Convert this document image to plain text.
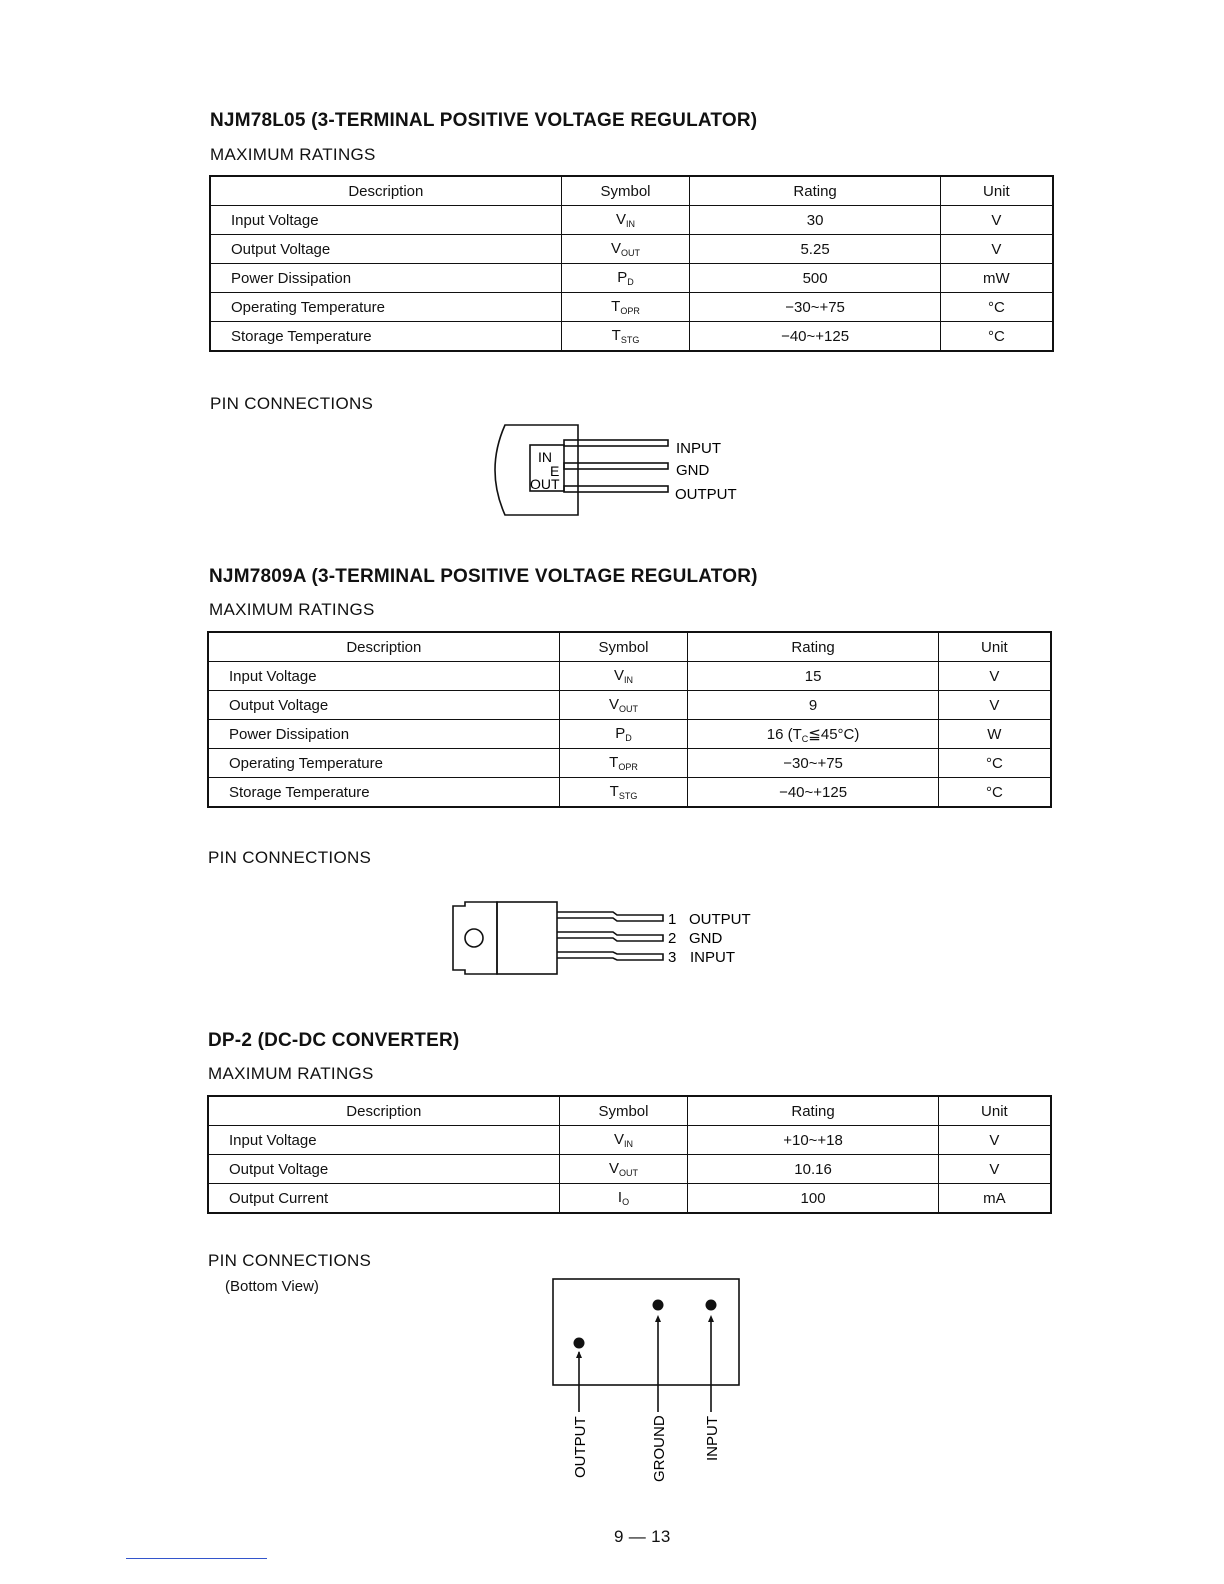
NJM78L05 (3-TERMINAL POSITIVE VOLTAGE REGULATOR)
MAXIMUM RATINGS
Description	Symbol	Rating	Unit
Input Voltage	$V_{IN}$	30	V
Output Voltage	$V_{OUT}$	5.25	V
Power Dissipation	$P_D$	500	mW
Operating Temperature	$T_{OPR}$	−30~+75	°C
Storage Temperature	$T_{STG}$	−40~+125	°C
PIN CONNECTIONS
IN
E
OUT
INPUT
GND
OUTPUT
NJM7809A (3-TERMINAL POSITIVE VOLTAGE REGULATOR)
MAXIMUM RATINGS
Description	Symbol	Rating	Unit
Input Voltage	$V_{IN}$	15	V
Output Voltage	$V_{OUT}$	9	V
Power Dissipation	$P_D$	16 $(T_C≦45^\circ C)$	W
Operating Temperature	$T_{OPR}$	−30~+75	°C
Storage Temperature	$T_{STG}$	−40~+125	°C
PIN CONNECTIONS
1 OUTPUT
2 GND
3 INPUT
DP-2 (DC-DC CONVERTER)
MAXIMUM RATINGS
Description	Symbol	Rating	Unit
Input Voltage	$V_{IN}$	+10~+18	V
Output Voltage	$V_{OUT}$	10.16	V
Output Current	$I_O$	100	mA
PIN CONNECTIONS
(Bottom View)
OUTPUT	GROUND INPUT
9 — 13
